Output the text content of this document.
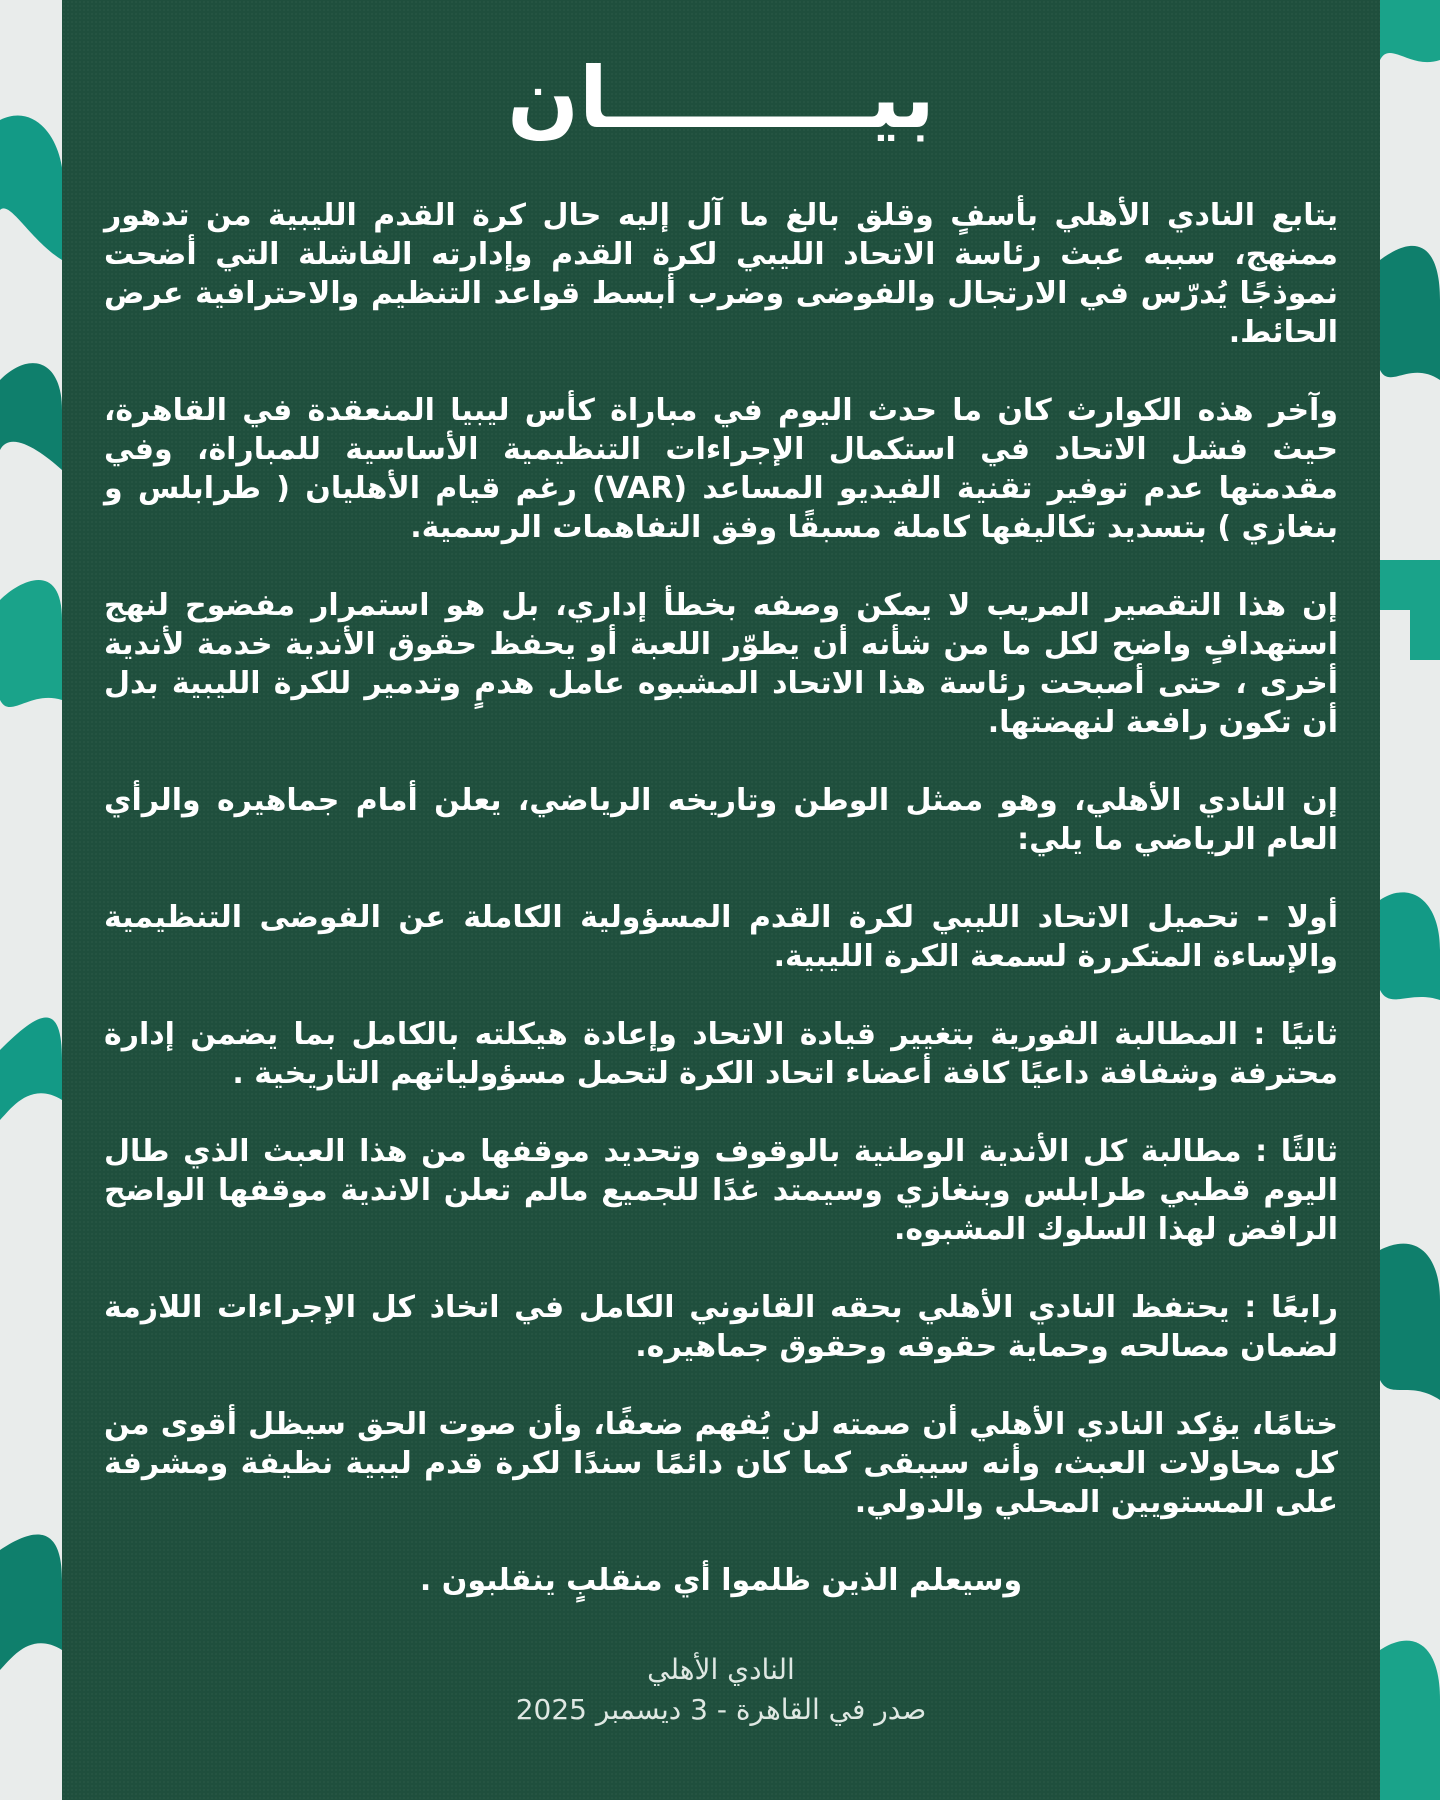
بيـــــــــان

يتابع النادي الأهلي بأسفٍ وقلق بالغ ما آل إليه حال كرة القدم الليبية من تدهور ممنهج، سببه عبث رئاسة الاتحاد الليبي لكرة القدم وإدارته الفاشلة التي أضحت نموذجًا يُدرّس في الارتجال والفوضى وضرب أبسط قواعد التنظيم والاحترافية عرض الحائط.

وآخر هذه الكوارث كان ما حدث اليوم في مباراة كأس ليبيا المنعقدة في القاهرة، حيث فشل الاتحاد في استكمال الإجراءات التنظيمية الأساسية للمباراة، وفي مقدمتها عدم توفير تقنية الفيديو المساعد (VAR) رغم قيام الأهليان ( طرابلس و بنغازي ) بتسديد تكاليفها كاملة مسبقًا وفق التفاهمات الرسمية.

إن هذا التقصير المريب لا يمكن وصفه بخطأ إداري، بل هو استمرار مفضوح لنهج استهدافٍ واضح لكل ما من شأنه أن يطوّر اللعبة أو يحفظ حقوق الأندية خدمة لأندية أخرى ، حتى أصبحت رئاسة هذا الاتحاد المشبوه عامل هدمٍ وتدمير للكرة الليبية بدل أن تكون رافعة لنهضتها.

إن النادي الأهلي، وهو ممثل الوطن وتاريخه الرياضي، يعلن أمام جماهيره والرأي العام الرياضي ما يلي:

أولا - تحميل الاتحاد الليبي لكرة القدم المسؤولية الكاملة عن الفوضى التنظيمية والإساءة المتكررة لسمعة الكرة الليبية.

ثانيًا : المطالبة الفورية بتغيير قيادة الاتحاد وإعادة هيكلته بالكامل بما يضمن إدارة محترفة وشفافة داعيًا كافة أعضاء اتحاد الكرة لتحمل مسؤولياتهم التاريخية .

ثالثًا : مطالبة كل الأندية الوطنية بالوقوف وتحديد موقفها من هذا العبث الذي طال اليوم قطبي طرابلس وبنغازي وسيمتد غدًا للجميع مالم تعلن الاندية موقفها الواضح الرافض لهذا السلوك المشبوه.

رابعًا : يحتفظ النادي الأهلي بحقه القانوني الكامل في اتخاذ كل الإجراءات اللازمة لضمان مصالحه وحماية حقوقه وحقوق جماهيره.

ختامًا، يؤكد النادي الأهلي أن صمته لن يُفهم ضعفًا، وأن صوت الحق سيظل أقوى من كل محاولات العبث، وأنه سيبقى كما كان دائمًا سندًا لكرة قدم ليبية نظيفة ومشرفة على المستويين المحلي والدولي.

وسيعلم الذين ظلموا أي منقلبٍ ينقلبون .

النادي الأهلي
صدر في القاهرة - 3 ديسمبر 2025
